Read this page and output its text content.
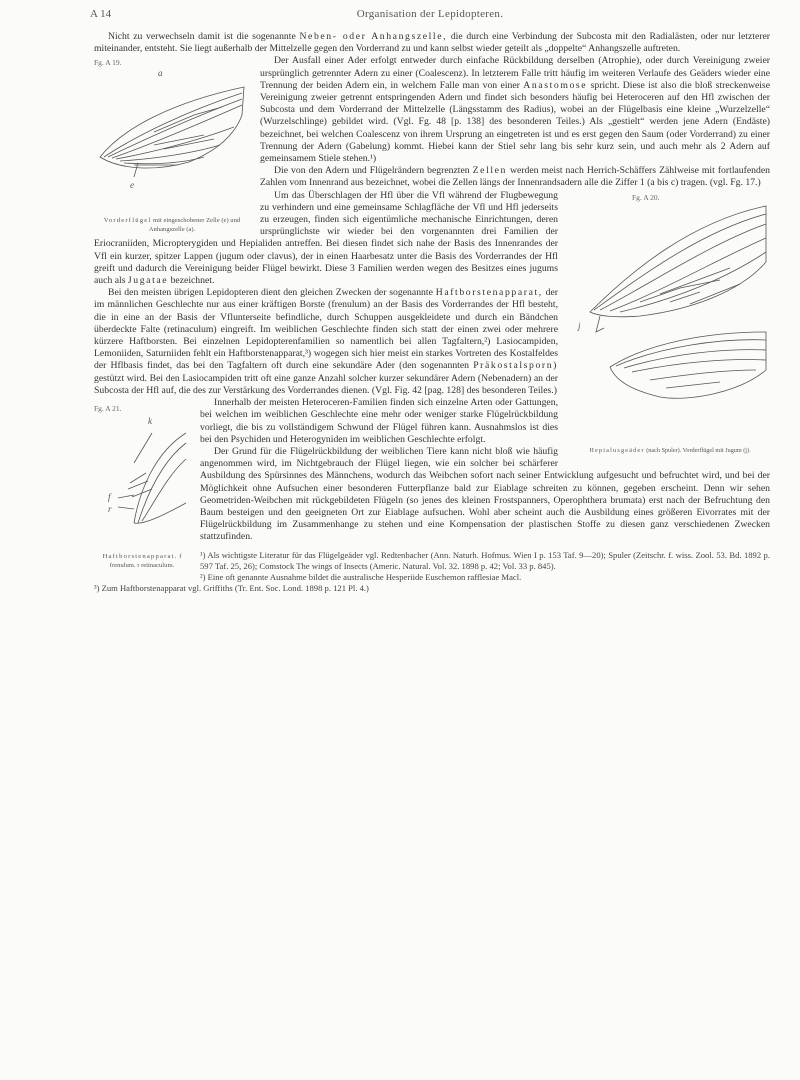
A 14	Organisation der Lepidopteren.

Nicht zu verwechseln damit ist die sogenannte Neben- oder Anhangszelle, die durch eine Verbindung der Subcosta mit den Radialästen, oder nur letzterer miteinander, entsteht. Sie liegt außerhalb der Mittelzelle gegen den Vorderrand zu und kann selbst wieder geteilt als „doppelte“ Anhangszelle auftreten.

Fg. A 19.
a
e
Vorderflügel mit eingeschobener Zelle (e) und Anhangszelle (a).

Der Ausfall einer Ader erfolgt entweder durch einfache Rückbildung derselben (Atrophie), oder durch Vereinigung zweier ursprünglich getrennter Adern zu einer (Coalescenz). In letzterem Falle tritt häufig im weiteren Verlaufe des Geäders wieder eine Trennung der beiden Adern ein, in welchem Falle man von einer Anastomose spricht. Diese ist also die bloß streckenweise Vereinigung zweier getrennt entspringenden Adern und findet sich besonders häufig bei Heteroceren auf den Hfl zwischen der Subcosta und dem Vorderrand der Mittelzelle (Längsstamm des Radius), wobei an der Flügelbasis eine kleine „Wurzelzelle“ (Wurzelschlinge) gebildet wird. (Vgl. Fg. 48 [p. 138] des besonderen Teiles.) Als „gestielt“ werden jene Adern (Endäste) bezeichnet, bei welchen Coalescenz von ihrem Ursprung an eingetreten ist und es erst gegen den Saum (oder Vorderrand) zu einer Trennung der Adern (Gabelung) kommt. Hiebei kann der Stiel sehr lang bis sehr kurz sein, und auch mehr als 2 Adern auf gemeinsamem Stiele stehen.¹)

Die von den Adern und Flügelrändern begrenzten Zellen werden meist nach Herrich-Schäffers Zählweise mit fortlaufenden Zahlen vom Innenrand aus bezeichnet, wobei die Zellen längs der Innenrandsadern alle die Ziffer 1 (a bis c) tragen. (vgl. Fg. 17.)

Fg. A 20.
j
Hepialusgeäder (nach Spuler). Vorderflügel mit Jugum (j).

Um das Überschlagen der Hfl über die Vfl während der Flugbewegung zu verhindern und eine gemeinsame Schlagfläche der Vfl und Hfl jederseits zu erzeugen, finden sich eigentümliche mechanische Einrichtungen, deren ursprünglichste wir wieder bei den vorgenannten drei Familien der Eriocraniiden, Micropterygiden und Hepialiden antreffen. Bei diesen findet sich nahe der Basis des Innenrandes der Vfl ein kurzer, spitzer Lappen (jugum oder clavus), der in einen Haarbesatz unter die Basis des Vorderrandes der Hfl greift und dadurch die Vereinigung beider Flügel bewirkt. Diese 3 Familien werden wegen des Besitzes eines jugums auch als Jugatae bezeichnet.

Bei den meisten übrigen Lepidopteren dient den gleichen Zwecken der sogenannte Haftborstenapparat, der im männlichen Geschlechte nur aus einer kräftigen Borste (frenulum) an der Basis des Vorderrandes der Hfl besteht, die in eine an der Basis der Vflunterseite befindliche, durch Schuppen ausgekleidete und durch ein Bändchen überdeckte Falte (retinaculum) eingreift. Im weiblichen Geschlechte finden sich statt der einen zwei oder mehrere kürzere Haftborsten. Bei einzelnen Lepidopterenfamilien so namentlich bei allen Tagfaltern,²) Lasiocampiden, Lemoniiden, Saturniiden fehlt ein Haftborstenapparat,³) wogegen sich hier meist ein starkes Vortreten des Kostalfeldes der Hflbasis findet, das bei den Tagfaltern oft durch eine sekundäre Ader (den sogenannten Präkostalsporn) gestützt wird. Bei den Lasiocampiden tritt oft eine ganze Anzahl solcher kurzer sekundärer Adern (Nebenadern) an der Subcosta der Hfl auf, die des zur Verstärkung des Vorderrandes dienen. (Vgl. Fig. 42 [pag. 128] des besonderen Teiles.)

Fg. A 21.
k
f
r
Haftborstenapparat. f frenulum. r retinaculum.

Innerhalb der meisten Heteroceren-Familien finden sich einzelne Arten oder Gattungen, bei welchen im weiblichen Geschlechte eine mehr oder weniger starke Flügelrückbildung vorliegt, die bis zu vollständigem Schwund der Flügel führen kann. Ausnahmslos ist dies bei den Psychiden und Heterogyniden im weiblichen Geschlechte erfolgt.

Der Grund für die Flügelrückbildung der weiblichen Tiere kann nicht bloß wie häufig angenommen wird, im Nichtgebrauch der Flügel liegen, wie ein solcher bei schärferer Ausbildung des Spürsinnes des Männchens, wodurch das Weibchen sofort nach seiner Entwicklung aufgesucht und befruchtet wird, und bei der Möglichkeit ohne Aufsuchen einer besonderen Futterpflanze bald zur Eiablage schreiten zu können, gegeben erscheint. Denn wir sehen Geometriden-Weibchen mit rückgebildeten Flügeln (so jenes des kleinen Frostspanners, Operophthera brumata) erst nach der Befruchtung den Baum besteigen und den geeigneten Ort zur Eiablage aufsuchen. Wohl aber scheint auch die Ausbildung eines größeren Eivorrates mit der Flügelrückbildung im Zusammenhange zu stehen und eine Kompensation der plastischen Stoffe zu diesen ganz verschiedenen Zwecken stattzufinden.

¹) Als wichtigste Literatur für das Flügelgeäder vgl. Redtenbacher (Ann. Naturh. Hofmus. Wien I p. 153 Taf. 9—20); Spuler (Zeitschr. f. wiss. Zool. 53. Bd. 1892 p. 597 Taf. 25, 26); Comstock The wings of Insects (Americ. Natural. Vol. 32. 1898 p. 42; Vol. 33 p. 845).
²) Eine oft genannte Ausnahme bildet die australische Hesperiide Euschemon rafflesiae Macl.
³) Zum Haftborstenapparat vgl. Griffiths (Tr. Ent. Soc. Lond. 1898 p. 121 Pl. 4.)
